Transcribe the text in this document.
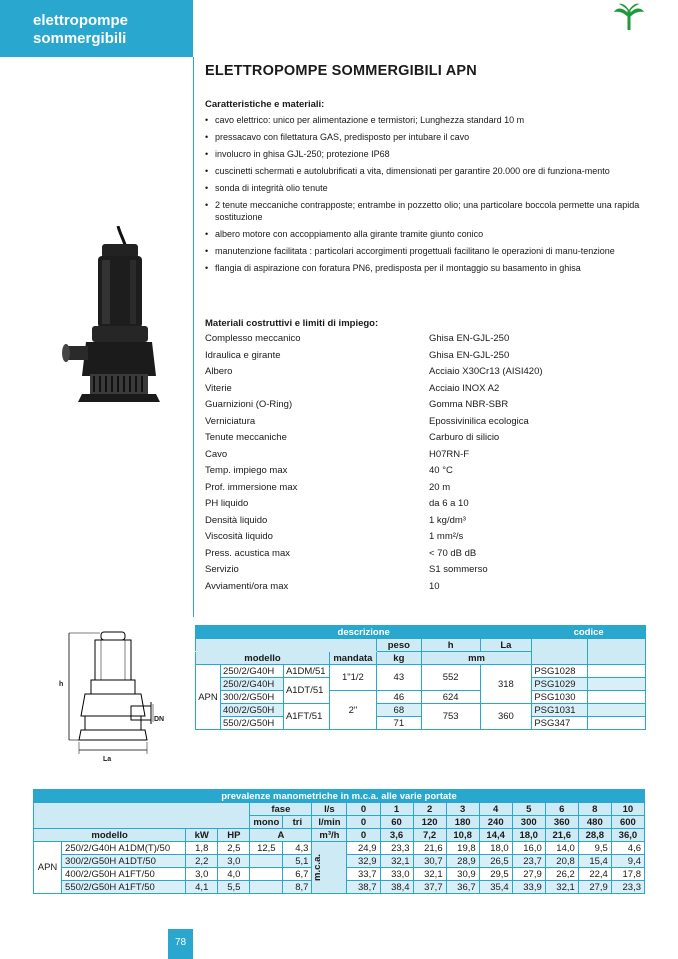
elettropompe
sommergibili
ELETTROPOMPE SOMMERGIBILI APN
Caratteristiche e materiali:
• cavo elettrico: unico per alimentazione e termistori; Lunghezza standard 10 m
• pressacavo con filettatura GAS, predisposto per intubare il cavo
• involucro in ghisa GJL-250; protezione IP68
• cuscinetti schermati e autolubrificati a vita, dimensionati per garantire 20.000 ore di funziona-mento
• sonda di integrità olio tenute
• 2 tenute meccaniche contrapposte; entrambe in pozzetto olio; una particolare boccola permette una rapida sostituzione
• albero motore con accoppiamento alla girante tramite giunto conico
• manutenzione facilitata : particolari accorgimenti progettuali facilitano le operazioni di manu-tenzione
• flangia di aspirazione con foratura PN6, predisposta per il montaggio su basamento in ghisa
Materiali costruttivi e limiti di impiego:
Complesso meccanico	Ghisa EN-GJL-250
Idraulica e girante	Ghisa EN-GJL-250
Albero	Acciaio X30Cr13 (AISI420)
Viterie	Acciaio INOX A2
Guarnizioni (O-Ring)	Gomma NBR-SBR
Verniciatura	Epossivinilica ecologica
Tenute meccaniche	Carburo di silicio
Cavo	H07RN-F
Temp. impiego max	40 °C
Prof. immersione max	20 m
PH liquido	da 6 a 10
Densità liquido	1 kg/dm³
Viscosità liquido	1 mm²/s
Press. acustica max	< 70 dB dB
Servizio	S1 sommerso
Avviamenti/ora max	10
h
DN
La
descrizione							codice	
				peso	h	La		
modello			mandata	kg	mm			
APN	250/2/G40H	A1DM/51	1"1/2	43	552	318	PSG1028	
	250/2/G40H	A1DT/51					PSG1029	
	300/2/G50H		2"	46	624		PSG1030	
	400/2/G50H	A1FT/51		68	753	360	PSG1031	
	550/2/G50H			71			PSG347	
prevalenze manometriche in m.c.a. alle varie portate															
				fase		l/s	0	1	2	3	4	5	6	8	10
				mono	tri	l/min	0	60	120	180	240	300	360	480	600
modello		kW	HP	A		m³/h	0	3,6	7,2	10,8	14,4	18,0	21,6	28,8	36,0
APN	250/2/G40H A1DM(T)/50	1,8	2,5	12,5	4,3	m.c.a.	24,9	23,3	21,6	19,8	18,0	16,0	14,0	9,5	4,6
	300/2/G50H A1DT/50	2,2	3,0		5,1		32,9	32,1	30,7	28,9	26,5	23,7	20,8	15,4	9,4
	400/2/G50H A1FT/50	3,0	4,0		6,7		33,7	33,0	32,1	30,9	29,5	27,9	26,2	22,4	17,8
	550/2/G50H A1FT/50	4,1	5,5		8,7		38,7	38,4	37,7	36,7	35,4	33,9	32,1	27,9	23,3
78
